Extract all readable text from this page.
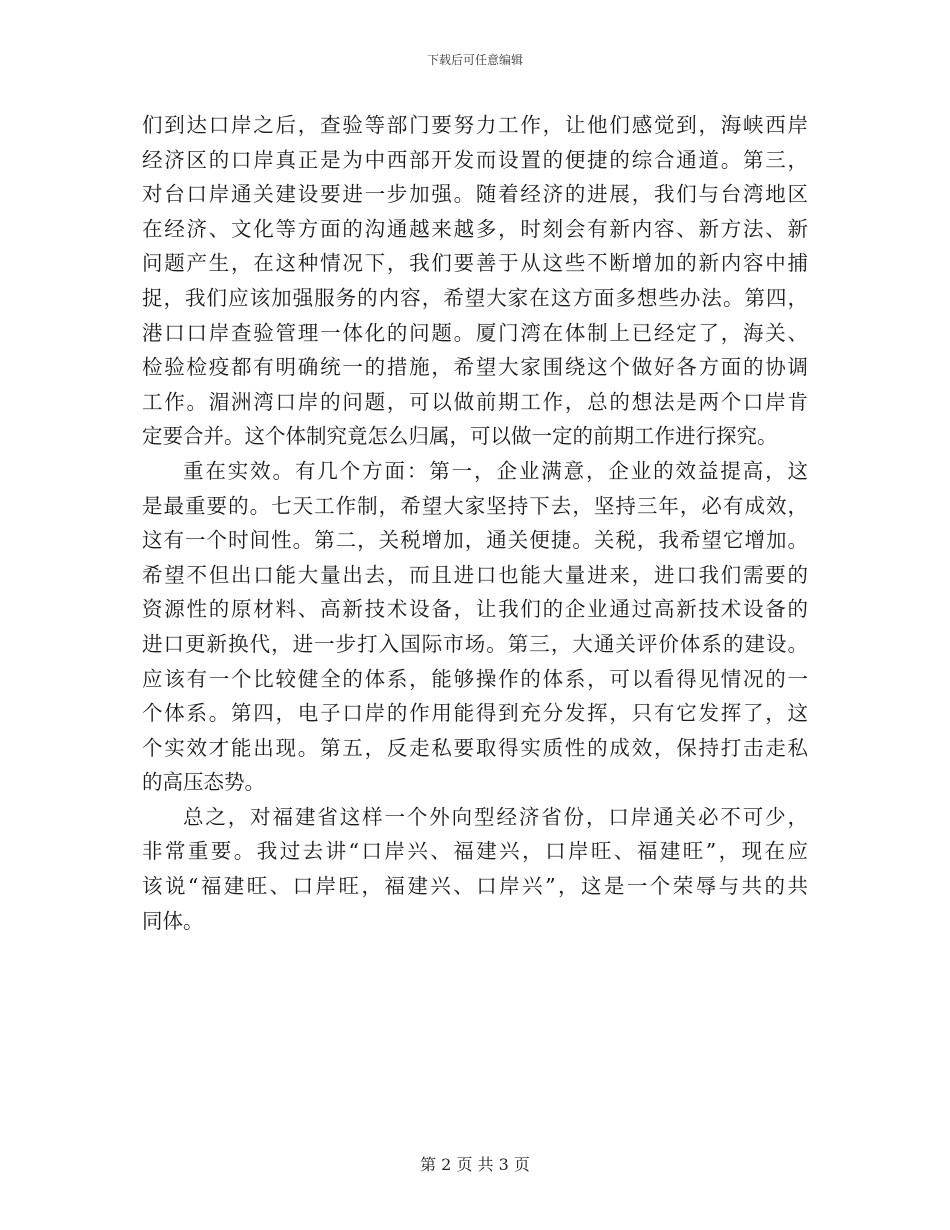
下载后可任意编辑
们到达口岸之后，查验等部门要努力工作，让他们感觉到，海峡西岸
经济区的口岸真正是为中西部开发而设置的便捷的综合通道。第三，
对台口岸通关建设要进一步加强。随着经济的进展，我们与台湾地区
在经济、文化等方面的沟通越来越多，时刻会有新内容、新方法、新
问题产生，在这种情况下，我们要善于从这些不断增加的新内容中捕
捉，我们应该加强服务的内容，希望大家在这方面多想些办法。第四，
港口口岸查验管理一体化的问题。厦门湾在体制上已经定了，海关、
检验检疫都有明确统一的措施，希望大家围绕这个做好各方面的协调
工作。湄洲湾口岸的问题，可以做前期工作，总的想法是两个口岸肯
定要合并。这个体制究竟怎么归属，可以做一定的前期工作进行探究。
重在实效。有几个方面：第一，企业满意，企业的效益提高，这
是最重要的。七天工作制，希望大家坚持下去，坚持三年，必有成效，
这有一个时间性。第二，关税增加，通关便捷。关税，我希望它增加。
希望不但出口能大量出去，而且进口也能大量进来，进口我们需要的
资源性的原材料、高新技术设备，让我们的企业通过高新技术设备的
进口更新换代，进一步打入国际市场。第三，大通关评价体系的建设。
应该有一个比较健全的体系，能够操作的体系，可以看得见情况的一
个体系。第四，电子口岸的作用能得到充分发挥，只有它发挥了，这
个实效才能出现。第五，反走私要取得实质性的成效，保持打击走私
的高压态势。
总之，对福建省这样一个外向型经济省份，口岸通关必不可少，
非常重要。我过去讲“口岸兴、福建兴，口岸旺、福建旺”，现在应
该说“福建旺、口岸旺，福建兴、口岸兴”，这是一个荣辱与共的共
同体。
第 2 页 共 3 页
